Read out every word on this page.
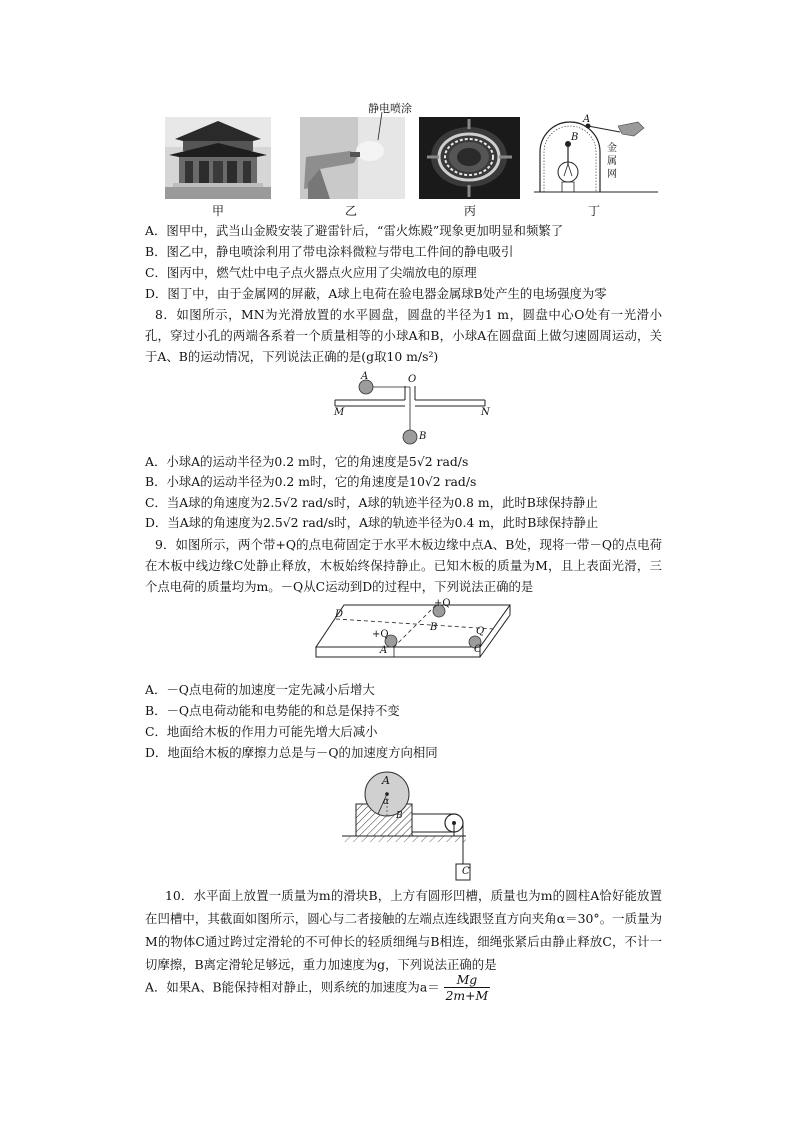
静电喷涂
A
B
金
属
网
甲	乙	丙	丁
A．图甲中，武当山金殿安装了避雷针后，“雷火炼殿”现象更加明显和频繁了
B．图乙中，静电喷涂利用了带电涂料微粒与带电工件间的静电吸引
C．图丙中，燃气灶中电子点火器点火应用了尖端放电的原理
D．图丁中，由于金属网的屏蔽，A球上电荷在验电器金属球B处产生的电场强度为零
8．如图所示，MN为光滑放置的水平圆盘，圆盘的半径为1 m，圆盘中心O处有一光滑小孔，穿过小孔的两端各系着一个质量相等的小球A和B，小球A在圆盘面上做匀速圆周运动，关于A、B的运动情况，下列说法正确的是(g取10 m/s²)
A	O
M	N
B
A．小球A的运动半径为0.2 m时，它的角速度是5√2 rad/s
B．小球A的运动半径为0.2 m时，它的角速度是10√2 rad/s
C．当A球的角速度为2.5√2 rad/s时，A球的轨迹半径为0.8 m，此时B球保持静止
D．当A球的角速度为2.5√2 rad/s时，A球的轨迹半径为0.4 m，此时B球保持静止
9．如图所示，两个带+Q的点电荷固定于水平木板边缘中点A、B处，现将一带－Q的点电荷在木板中线边缘C处静止释放，木板始终保持静止。已知木板的质量为M，且上表面光滑，三个点电荷的质量均为m。－Q从C运动到D的过程中，下列说法正确的是
D
+Q
+Q
A
B	Q
C
A．－Q点电荷的加速度一定先减小后增大
B．－Q点电荷动能和电势能的和总是保持不变
C．地面给木板的作用力可能先增大后减小
D．地面给木板的摩擦力总是与－Q的加速度方向相同
A
α
B
C
10．水平面上放置一质量为m的滑块B，上方有圆形凹槽，质量也为m的圆柱A恰好能放置在凹槽中，其截面如图所示，圆心与二者接触的左端点连线跟竖直方向夹角α＝30°。一质量为M的物体C通过跨过定滑轮的不可伸长的轻质细绳与B相连，细绳张紧后由静止释放C，不计一切摩擦，B离定滑轮足够远，重力加速度为g，下列说法正确的是
A．如果A、B能保持相对静止，则系统的加速度为$a= \frac{Mg}{2m+M}$
